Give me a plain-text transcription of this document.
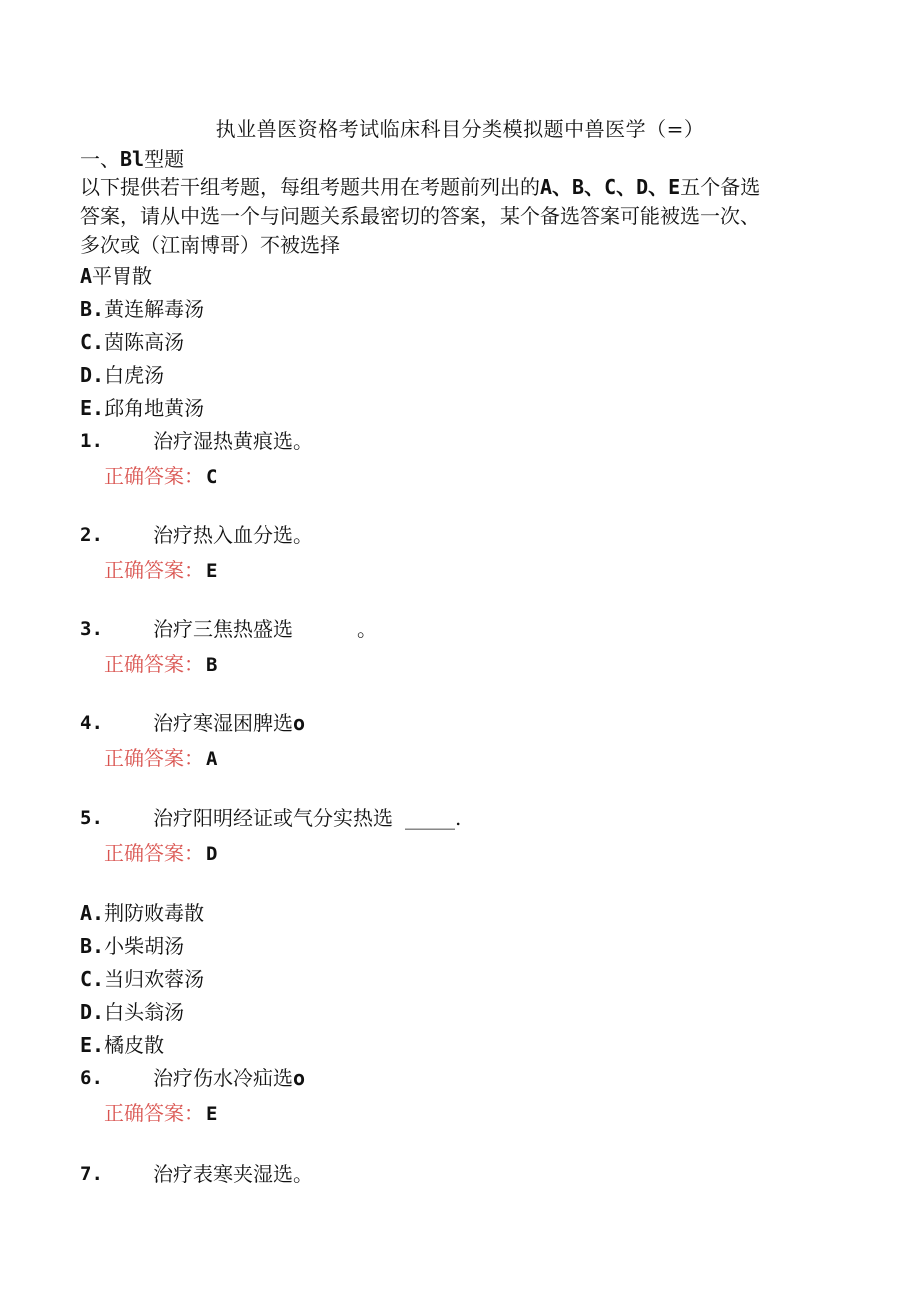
执业兽医资格考试临床科目分类模拟题中兽医学（=）
一、Bl型题
以下提供若干组考题，每组考题共用在考题前列出的A、B、C、D、E五个备选
答案，请从中选一个与问题关系最密切的答案，某个备选答案可能被选一次、
多次或（江南博哥）不被选择
A平胃散
B.黄连解毒汤
C.茵陈高汤
D.白虎汤
E.邱角地黄汤
1.	治疗湿热黄痕选。
正确答案： C
2.	治疗热入血分选。
正确答案： E
3.	治疗三焦热盛选	。
正确答案： B
4.	治疗寒湿困脾选o
正确答案： A
5.	治疗阳明经证或气分实热选 _____.
正确答案： D
A.荆防败毒散
B.小柴胡汤
C.当归欢蓉汤
D.白头翁汤
E.橘皮散
6.	治疗伤水冷疝选o
正确答案： E
7.	治疗表寒夹湿选。
